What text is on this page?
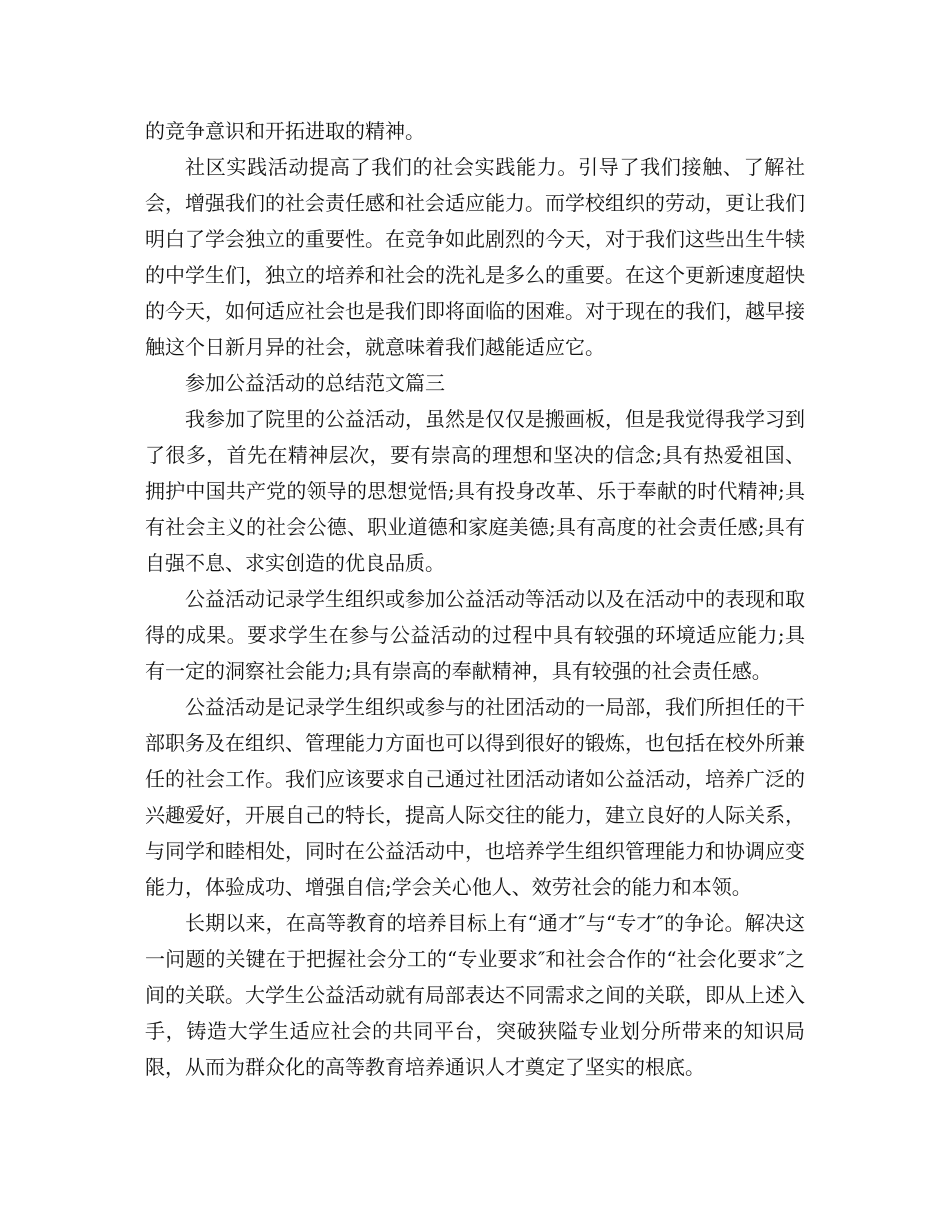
的竞争意识和开拓进取的精神。

社区实践活动提高了我们的社会实践能力。引导了我们接触、了解社会，增强我们的社会责任感和社会适应能力。而学校组织的劳动，更让我们明白了学会独立的重要性。在竞争如此剧烈的今天，对于我们这些出生牛犊的中学生们，独立的培养和社会的洗礼是多么的重要。在这个更新速度超快的今天，如何适应社会也是我们即将面临的困难。对于现在的我们，越早接触这个日新月异的社会，就意味着我们越能适应它。

参加公益活动的总结范文篇三

我参加了院里的公益活动，虽然是仅仅是搬画板，但是我觉得我学习到了很多，首先在精神层次，要有崇高的理想和坚决的信念;具有热爱祖国、拥护中国共产党的领导的思想觉悟;具有投身改革、乐于奉献的时代精神;具有社会主义的社会公德、职业道德和家庭美德;具有高度的社会责任感;具有自强不息、求实创造的优良品质。

公益活动记录学生组织或参加公益活动等活动以及在活动中的表现和取得的成果。要求学生在参与公益活动的过程中具有较强的环境适应能力;具有一定的洞察社会能力;具有崇高的奉献精神，具有较强的社会责任感。

公益活动是记录学生组织或参与的社团活动的一局部，我们所担任的干部职务及在组织、管理能力方面也可以得到很好的锻炼，也包括在校外所兼任的社会工作。我们应该要求自己通过社团活动诸如公益活动，培养广泛的兴趣爱好，开展自己的特长，提高人际交往的能力，建立良好的人际关系，与同学和睦相处，同时在公益活动中，也培养学生组织管理能力和协调应变能力，体验成功、增强自信;学会关心他人、效劳社会的能力和本领。

长期以来，在高等教育的培养目标上有“通才″与“专才″的争论。解决这一问题的关键在于把握社会分工的“专业要求″和社会合作的“社会化要求″之间的关联。大学生公益活动就有局部表达不同需求之间的关联，即从上述入手，铸造大学生适应社会的共同平台，突破狭隘专业划分所带来的知识局限，从而为群众化的高等教育培养通识人才奠定了坚实的根底。
